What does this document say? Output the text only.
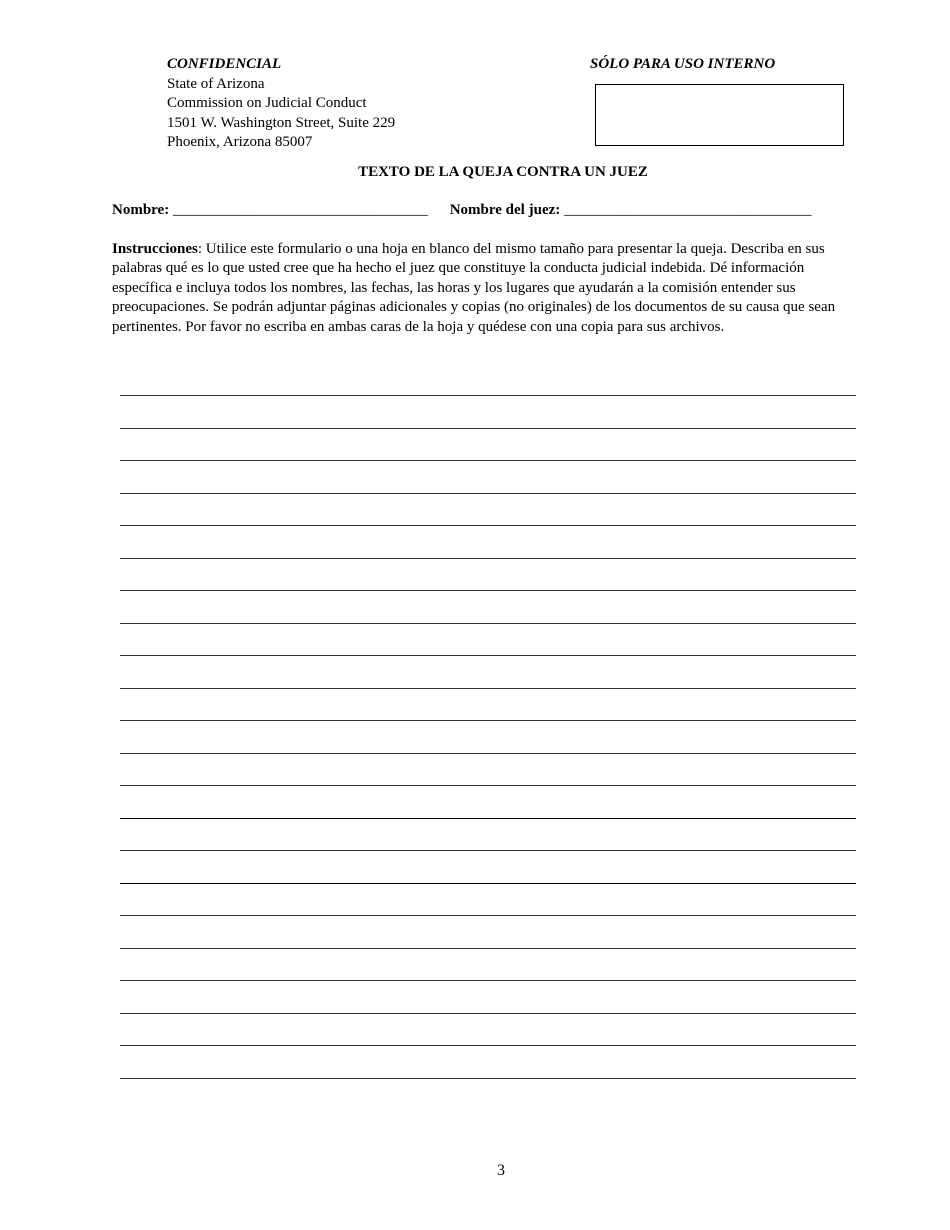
CONFIDENCIAL
State of Arizona
Commission on Judicial Conduct
1501 W. Washington Street, Suite 229
Phoenix, Arizona 85007
SÓLO PARA USO INTERNO
TEXTO DE LA QUEJA CONTRA UN JUEZ
Nombre: __________________________________ Nombre del juez: _________________________________
Instrucciones: Utilice este formulario o una hoja en blanco del mismo tamaño para presentar la queja. Describa en sus palabras qué es lo que usted cree que ha hecho el juez que constituye la conducta judicial indebida. Dé información específica e incluya todos los nombres, las fechas, las horas y los lugares que ayudarán a la comisión entender sus preocupaciones. Se podrán adjuntar páginas adicionales y copias (no originales) de los documentos de su causa que sean pertinentes. Por favor no escriba en ambas caras de la hoja y quédese con una copia para sus archivos.
3
